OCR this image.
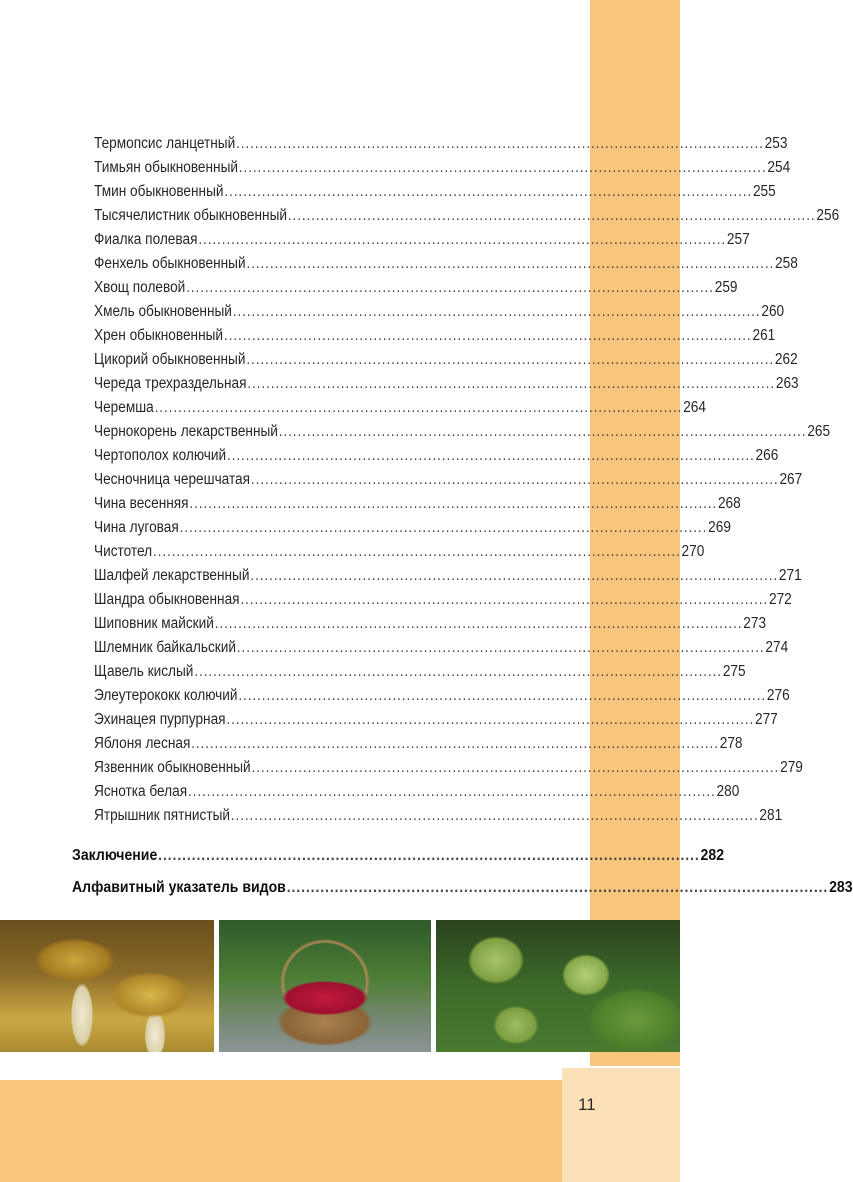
Термопсис ланцетный ................................................................................................................. 253
Тимьян обыкновенный ................................................................................................................. 254
Тмин обыкновенный ................................................................................................................. 255
Тысячелистник обыкновенный ................................................................................................................. 256
Фиалка полевая ................................................................................................................. 257
Фенхель обыкновенный ................................................................................................................. 258
Хвощ полевой ................................................................................................................. 259
Хмель обыкновенный ................................................................................................................. 260
Хрен обыкновенный ................................................................................................................. 261
Цикорий обыкновенный ................................................................................................................. 262
Череда трехраздельная ................................................................................................................. 263
Черемша ................................................................................................................. 264
Чернокорень лекарственный ................................................................................................................. 265
Чертополох колючий ................................................................................................................. 266
Чесночница черешчатая ................................................................................................................. 267
Чина весенняя ................................................................................................................. 268
Чина луговая ................................................................................................................. 269
Чистотел ................................................................................................................. 270
Шалфей лекарственный ................................................................................................................. 271
Шандра обыкновенная ................................................................................................................. 272
Шиповник майский ................................................................................................................. 273
Шлемник байкальский ................................................................................................................. 274
Щавель кислый ................................................................................................................. 275
Элеутерококк колючий ................................................................................................................. 276
Эхинацея пурпурная ................................................................................................................. 277
Яблоня лесная ................................................................................................................. 278
Язвенник обыкновенный ................................................................................................................. 279
Яснотка белая ................................................................................................................. 280
Ятрышник пятнистый ................................................................................................................. 281
Заключение ................................................................................................................. 282
Алфавитный указатель видов ................................................................................................................. 283
11
